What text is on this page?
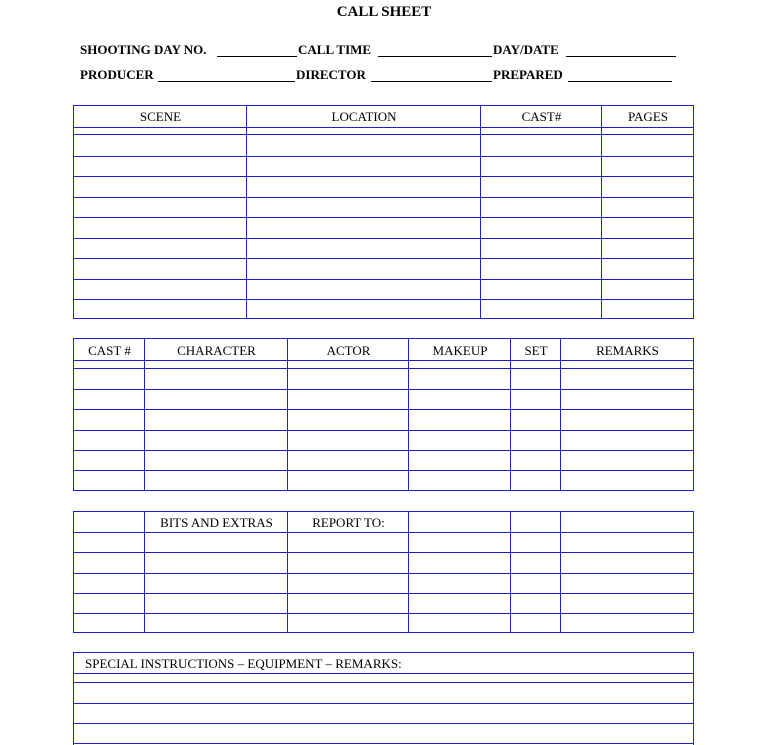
CALL SHEET
SHOOTING DAY NO.	CALL TIME	DAY/DATE
PRODUCER	DIRECTOR	PREPARED
SCENE	LOCATION	CAST#	PAGES
CAST #	CHARACTER	ACTOR	MAKEUP	SET	REMARKS
BITS AND EXTRAS	REPORT TO:
SPECIAL INSTRUCTIONS – EQUIPMENT – REMARKS:
